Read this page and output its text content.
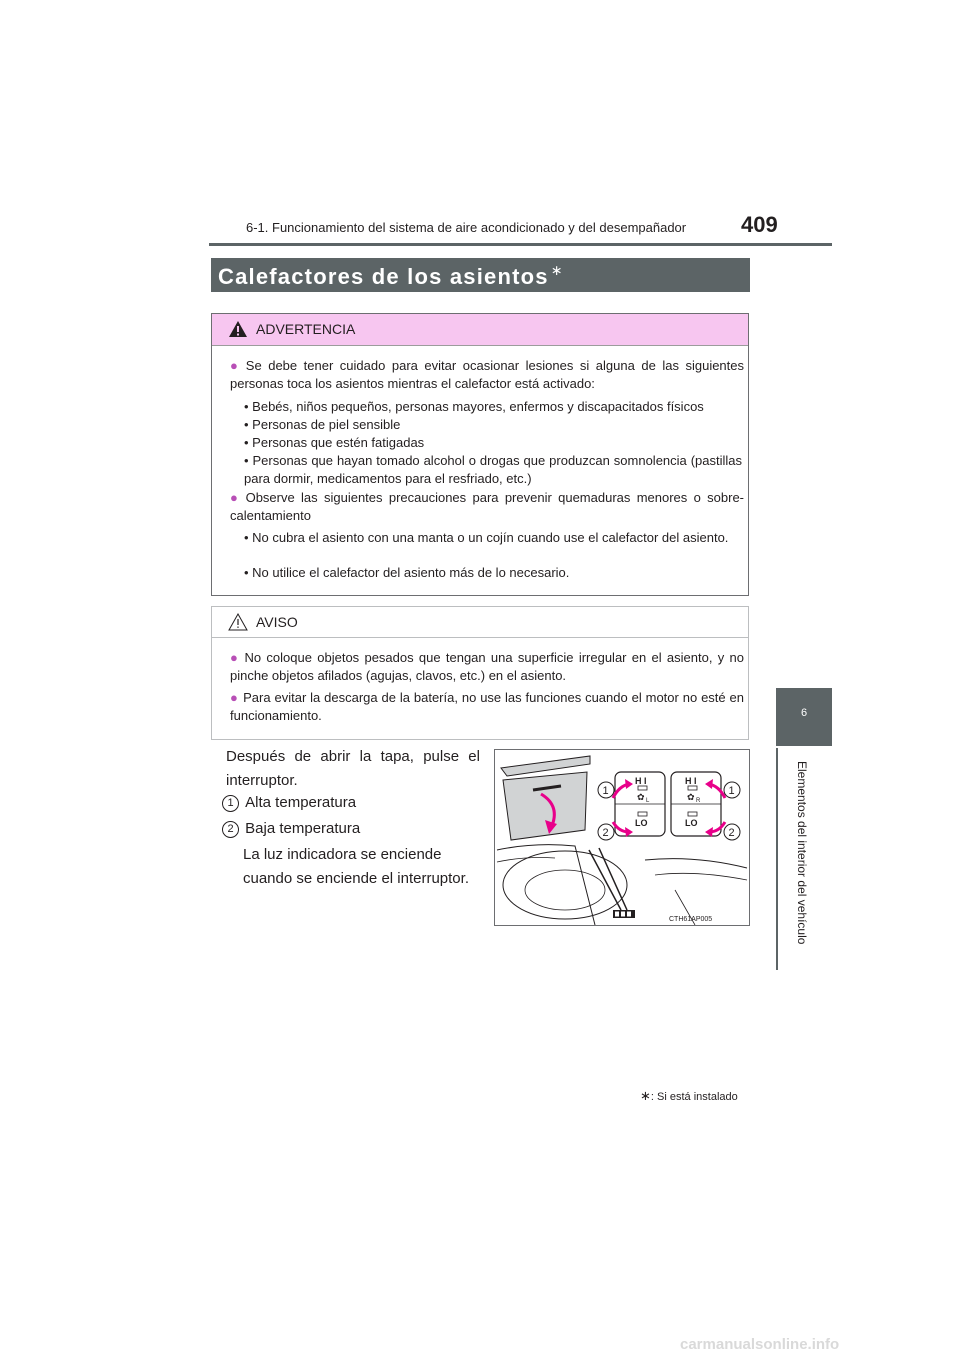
6-1. Funcionamiento del sistema de aire acondicionado y del desempañador 409
6
Elementos del interior del vehículo
Calefactores de los asientos ∗
ADVERTENCIA
● Se debe tener cuidado para evitar ocasionar lesiones si alguna de las siguientes personas toca los asientos mientras el calefactor está activado:
• Bebés, niños pequeños, personas mayores, enfermos y discapacitados físicos
• Personas de piel sensible
• Personas que estén fatigadas
• Personas que hayan tomado alcohol o drogas que produzcan somnolencia (pastillas para dormir, medicamentos para el resfriado, etc.)
● Observe las siguientes precauciones para prevenir quemaduras menores o sobre-calentamiento
• No cubra el asiento con una manta o un cojín cuando use el calefactor del asiento.
• No utilice el calefactor del asiento más de lo necesario.
AVISO
● No coloque objetos pesados que tengan una superficie irregular en el asiento, y no pinche objetos afilados (agujas, clavos, etc.) en el asiento.
● Para evitar la descarga de la batería, no use las funciones cuando el motor no esté en funcionamiento.
Después de abrir la tapa, pulse el interruptor.
1 Alta temperatura
2 Baja temperatura
La luz indicadora se enciende cuando se enciende el interruptor.
H I
✿ L
LO
H I
✿ R
LO
1
2
1
2
CTH61AP005
∗: Si está instalado
carmanualsonline.info
